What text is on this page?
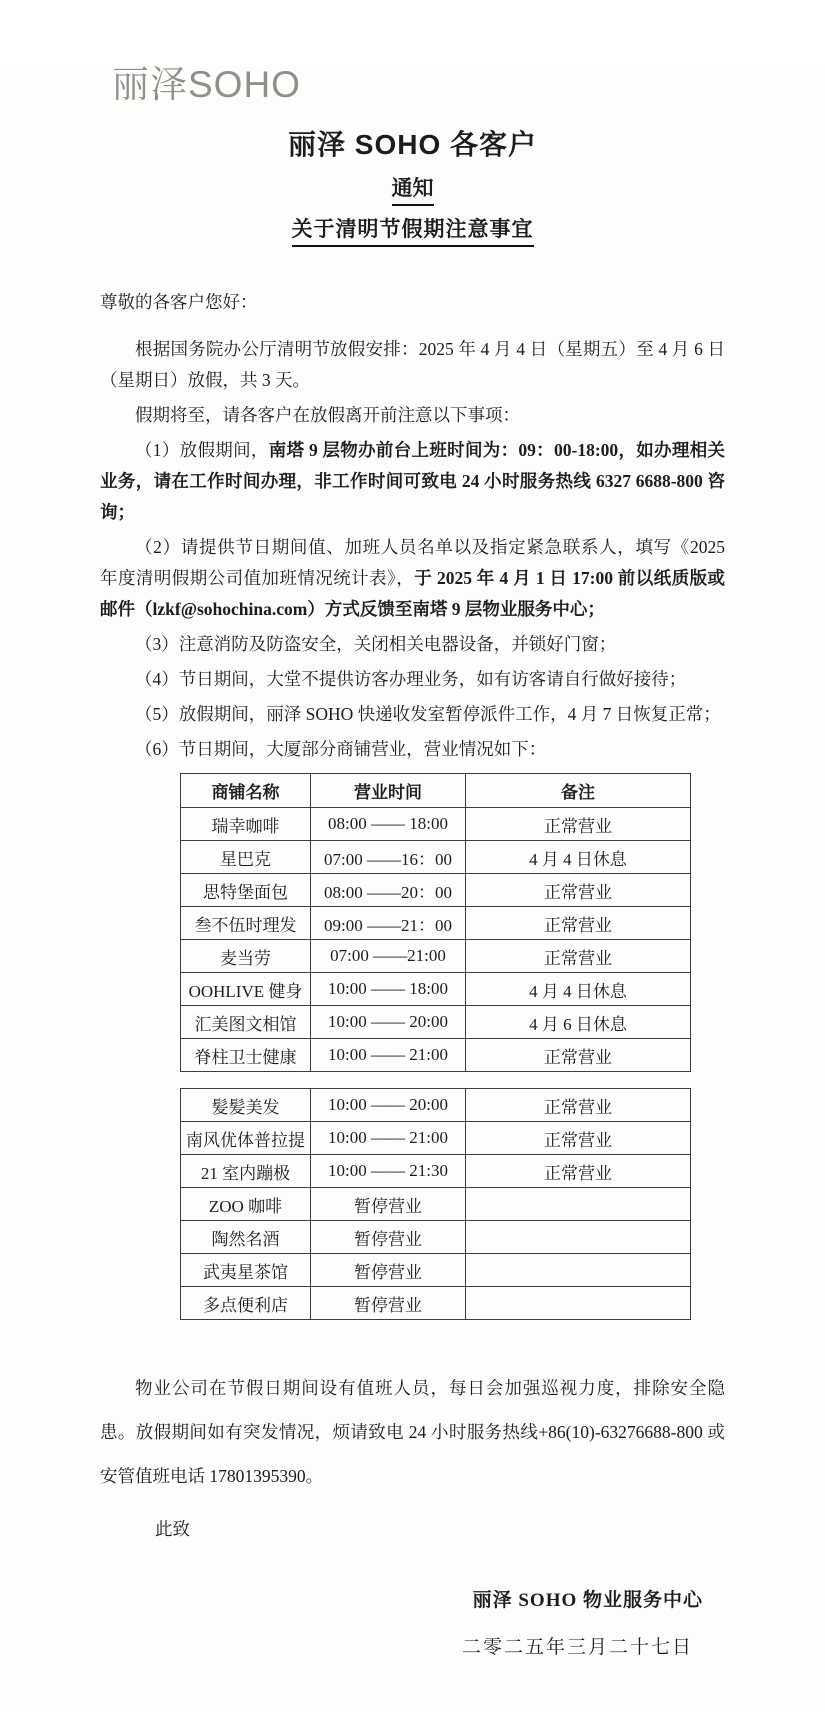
丽泽SOHO
丽泽 SOHO 各客户
通知
关于清明节假期注意事宜
尊敬的各客户您好：

根据国务院办公厅清明节放假安排：2025 年 4 月 4 日（星期五）至 4 月 6 日（星期日）放假，共 3 天。

假期将至，请各客户在放假离开前注意以下事项：

（1）放假期间，南塔 9 层物办前台上班时间为：09：00-18:00，如办理相关业务，请在工作时间办理，非工作时间可致电 24 小时服务热线 6327 6688-800 咨询；

（2）请提供节日期间值、加班人员名单以及指定紧急联系人，填写《2025 年度清明假期公司值加班情况统计表》，于 2025 年 4 月 1 日 17:00 前以纸质版或邮件（lzkf@sohochina.com）方式反馈至南塔 9 层物业服务中心；

（3）注意消防及防盗安全，关闭相关电器设备，并锁好门窗；

（4）节日期间，大堂不提供访客办理业务，如有访客请自行做好接待；

（5）放假期间，丽泽 SOHO 快递收发室暂停派件工作，4 月 7 日恢复正常；

（6）节日期间，大厦部分商铺营业，营业情况如下：

商铺名称	营业时间	备注
瑞幸咖啡	08:00 —— 18:00	正常营业
星巴克	07:00 ——16：00	4 月 4 日休息
思特堡面包	08:00 ——20：00	正常营业
叁不伍时理发	09:00 ——21：00	正常营业
麦当劳	07:00 ——21:00	正常营业
OOHLIVE 健身	10:00 —— 18:00	4 月 4 日休息
汇美图文相馆	10:00 —— 20:00	4 月 6 日休息
脊柱卫士健康	10:00 —— 21:00	正常营业
髪髪美发	10:00 —— 20:00	正常营业
南风优体普拉提	10:00 —— 21:00	正常营业
21 室内蹦极	10:00 —— 21:30	正常营业
ZOO 咖啡	暂停营业	
陶然名酒	暂停营业	
武夷星茶馆	暂停营业	
多点便利店	暂停营业	

物业公司在节假日期间设有值班人员，每日会加强巡视力度，排除安全隐患。放假期间如有突发情况，烦请致电 24 小时服务热线+86(10)-63276688-800 或安管值班电话 17801395390。

此致
丽泽 SOHO 物业服务中心
二零二五年三月二十七日
